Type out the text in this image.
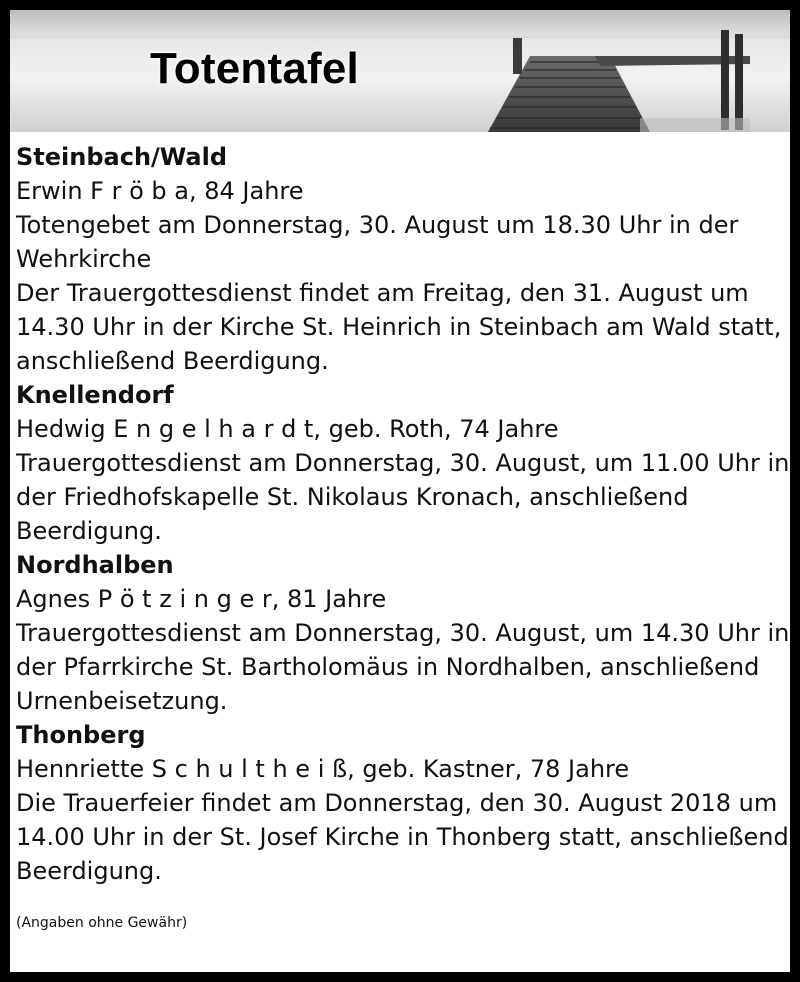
Totentafel
Steinbach/Wald
Erwin F r ö b a, 84 Jahre
Totengebet am Donnerstag, 30. August um 18.30 Uhr in der
Wehrkirche
Der Trauergottesdienst findet am Freitag, den 31. August um
14.30 Uhr in der Kirche St. Heinrich in Steinbach am Wald statt,
anschließend Beerdigung.
Knellendorf
Hedwig E n g e l h a r d t, geb. Roth, 74 Jahre
Trauergottesdienst am Donnerstag, 30. August, um 11.00 Uhr in
der Friedhofskapelle St. Nikolaus Kronach, anschließend
Beerdigung.
Nordhalben
Agnes P ö t z i n g e r, 81 Jahre
Trauergottesdienst am Donnerstag, 30. August, um 14.30 Uhr in
der Pfarrkirche St. Bartholomäus in Nordhalben, anschließend
Urnenbeisetzung.
Thonberg
Hennriette S c h u l t h e i ß, geb. Kastner, 78 Jahre
Die Trauerfeier findet am Donnerstag, den 30. August 2018 um
14.00 Uhr in der St. Josef Kirche in Thonberg statt, anschließend
Beerdigung.
(Angaben ohne Gewähr)
